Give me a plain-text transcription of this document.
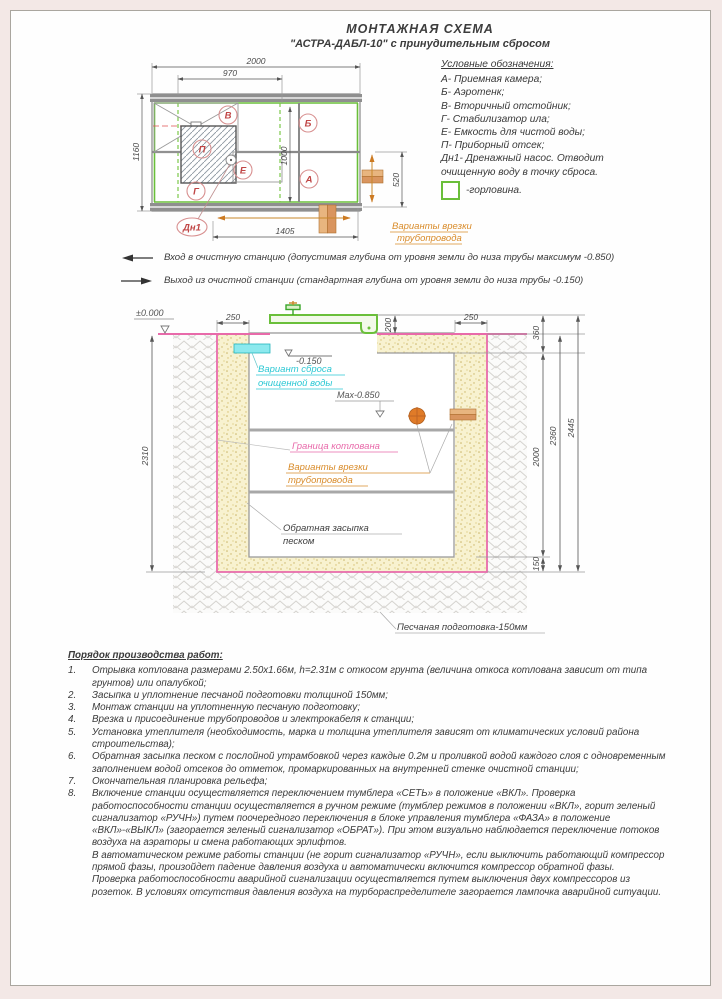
В
Б
П
Е
А
Г
Дн1
2000
970
1160	1000
520
1405	Варианты врезки
трубопровода
-0.150
Вариант сброса
очищенной воды
Max-0.850
Граница котлована
Варианты врезки
трубопровода
Обратная засыпка
песком
Песчаная подготовка-150мм
±0.000
2310
250	250
200
360
2000
150
2360 2445
МОНТАЖНАЯ СХЕМА
"АСТРА-ДАБЛ-10" с принудительным сбросом
Условные обозначения:
А- Приемная камера;
Б- Аэротенк;
В- Вторичный отстойник;
Г- Стабилизатор ила;
Е- Емкость для чистой воды;
П- Приборный отсек;
Дн1- Дренажный насос. Отводит
очищенную воду в точку сброса.
-горловина.
Вход в очистную станцию (допустимая глубина от уровня земли до низа трубы максимум -0.850)
Выход из очистной станции (стандартная глубина от уровня земли до низа трубы -0.150)
Порядок производства работ:
1.	Отрывка котлована размерами 2.50х1.66м, h=2.31м с откосом грунта (величина откоса котлована зависит от типа грунтов) или опалубкой;
2.	Засыпка и уплотнение песчаной подготовки толщиной 150мм;
3.	Монтаж станции на уплотненную песчаную подготовку;
4.	Врезка и присоединение трубопроводов и электрокабеля к станции;
5.	Установка утеплителя (необходимость, марка и толщина утеплителя зависят от климатических условий района строительства);
6.	Обратная засыпка песком с послойной утрамбовкой через каждые 0.2м и проливкой водой каждого слоя с одновременным заполнением водой отсеков до отметок, промаркированных на внутренней стенке очистной станции;
7.	Окончательная планировка рельефа;
8.	Включение станции осуществляется переключением тумблера «СЕТЬ» в положение «ВКЛ». Проверка работоспособности станции осуществляется в ручном режиме (тумблер режимов в положении «ВКЛ», горит зеленый сигнализатор «РУЧН») путем поочередного переключения в блоке управления тумблера «ФАЗА» в положение «ВКЛ»-«ВЫКЛ» (загорается зеленый сигнализатор «ОБРАТ»). При этом визуально наблюдается переключение потоков воздуха на аэраторы и смена работающих эрлифтов.
В автоматическом режиме работы станции (не горит сигнализатор «РУЧН», если выключить работающий компрессор прямой фазы, произойдет падение давления воздуха и автоматически включится компрессор обратной фазы.
Проверка работоспособности аварийной сигнализации осуществляется путем выключения двух компрессоров из розеток. В условиях отсутствия давления воздуха на турбораспределителе загорается лампочка аварийной ситуации.
